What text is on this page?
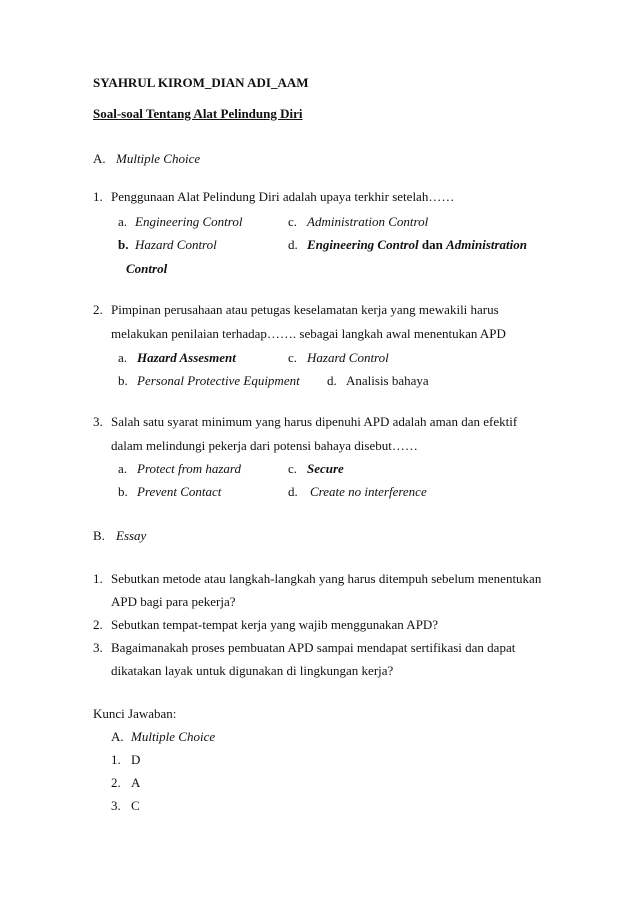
SYAHRUL KIROM_DIAN ADI_AAM
Soal-soal Tentang Alat Pelindung Diri
A. Multiple Choice
1. Penggunaan Alat Pelindung Diri adalah upaya terkhir setelah……
a. Engineering Control	c. Administration Control
b. Hazard Control	d. Engineering Control dan Administration
Control
2. Pimpinan perusahaan atau petugas keselamatan kerja yang mewakili harus
melakukan penilaian terhadap……. sebagai langkah awal menentukan APD
a. Hazard Assesment	c. Hazard Control
b. Personal Protective Equipment d. Analisis bahaya
3. Salah satu syarat minimum yang harus dipenuhi APD adalah aman dan efektif
dalam melindungi pekerja dari potensi bahaya disebut……
a. Protect from hazard	c. Secure
b. Prevent Contact	d. Create no interference
B. Essay
1. Sebutkan metode atau langkah-langkah yang harus ditempuh sebelum menentukan
APD bagi para pekerja?
2. Sebutkan tempat-tempat kerja yang wajib menggunakan APD?
3. Bagaimanakah proses pembuatan APD sampai mendapat sertifikasi dan dapat
dikatakan layak untuk digunakan di lingkungan kerja?
Kunci Jawaban:
A. Multiple Choice
1. D
2. A
3. C
